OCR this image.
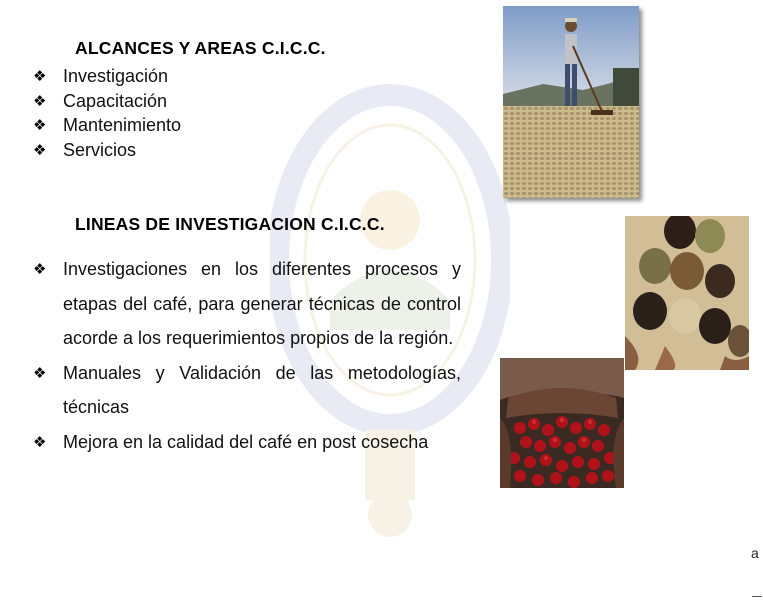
ALCANCES Y AREAS C.I.C.C.
❖ Investigación
❖ Capacitación
❖ Mantenimiento
❖ Servicios
LINEAS DE INVESTIGACION C.I.C.C.
❖ Investigaciones en los diferentes procesos y etapas del café, para generar técnicas de control acorde a los requerimientos propios de la región.
❖ Manuales y Validación de las metodologías, técnicas
❖ Mejora en la calidad del café en post cosecha
a
